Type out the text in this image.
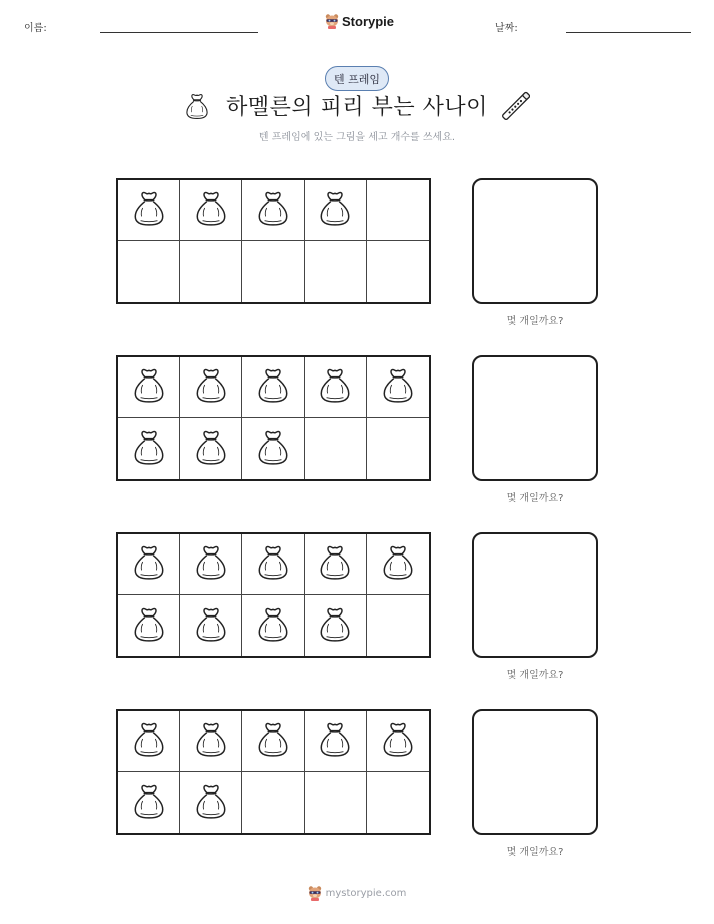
이름:	Storypie	날짜:
텐 프레임
하멜른의 피리 부는 사나이
텐 프레임에 있는 그림을 세고 개수를 쓰세요.
몇 개일까요?
몇 개일까요?
몇 개일까요?
몇 개일까요?
mystorypie.com
